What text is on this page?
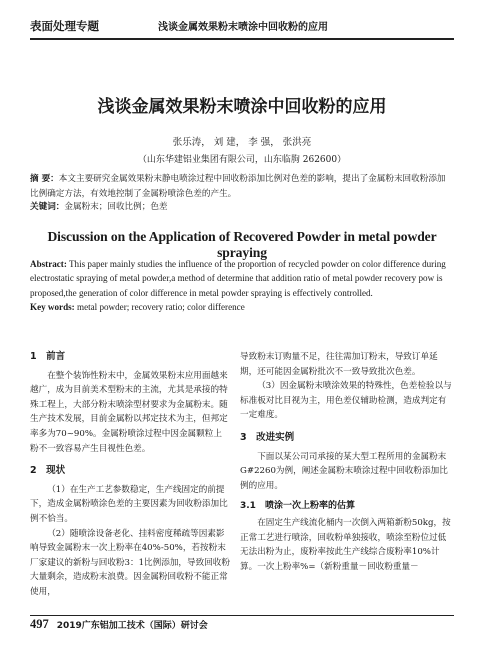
表面处理专题	浅谈金属效果粉末喷涂中回收粉的应用
浅谈金属效果粉末喷涂中回收粉的应用
张乐涛， 刘 建， 李 强， 张洪亮
（山东华建铝业集团有限公司，山东临朐 262600）
摘 要：本文主要研究金属效果粉末静电喷涂过程中回收粉添加比例对色差的影响，提出了金属粉末回收粉添加比例确定方法，有效地控制了金属粉喷涂色差的产生。
关键词：金属粉末；回收比例；色差
Discussion on the Application of Recovered Powder in metal powder spraying
Abstract: This paper mainly studies the influence of the proportion of recycled powder on color difference during electrostatic spraying of metal powder,a method of determine that addition ratio of metal powder recovery pow is proposed,the generation of color difference in metal powder spraying is effectively controlled.
Key words: metal powder; recovery ratio; color difference
1　前言

在整个装饰性粉末中，金属效果粉末应用面越来越广，成为目前美术型粉末的主流，尤其是承接的特殊工程上，大部分粉末喷涂型材要求为金属粉末。随生产技术发展，目前金属粉以邦定技术为主，但邦定率多为70~90%。金属粉喷涂过程中因金属颗粒上粉不一致容易产生目视性色差。

2　现状

（1）在生产工艺参数稳定，生产线固定的前提下，造成金属粉喷涂色差的主要因素为回收粉添加比例不恰当。

（2）随喷涂设备老化、挂料密度稀疏等因素影响导致金属粉末一次上粉率在40%-50%，若按粉末厂家建议的新粉与回收粉3：1比例添加，导致回收粉大量剩余，造成粉末浪费。因金属粉回收粉不能正常使用，

导致粉末订购量不足，往往需加订粉末，导致订单延期，还可能因金属粉批次不一致导致批次色差。

（3）因金属粉末喷涂效果的特殊性，色差检验以与标准板对比目视为主，用色差仪辅助检测，造成判定有一定难度。

3　改进实例

下面以某公司司承接的某大型工程所用的金属粉末G#2260为例，阐述金属粉末喷涂过程中回收粉添加比例的应用。

3.1　喷涂一次上粉率的估算

在固定生产线流化桶内一次倒入两箱新粉50kg，按正常工艺进行喷涂，回收粉单独接收，喷涂至粉位过低无法出粉为止，废粉率按此生产线综合废粉率10%计算。一次上粉率%=（新粉重量－回收粉重量－

497 2019广东铝加工技术（国际）研讨会
